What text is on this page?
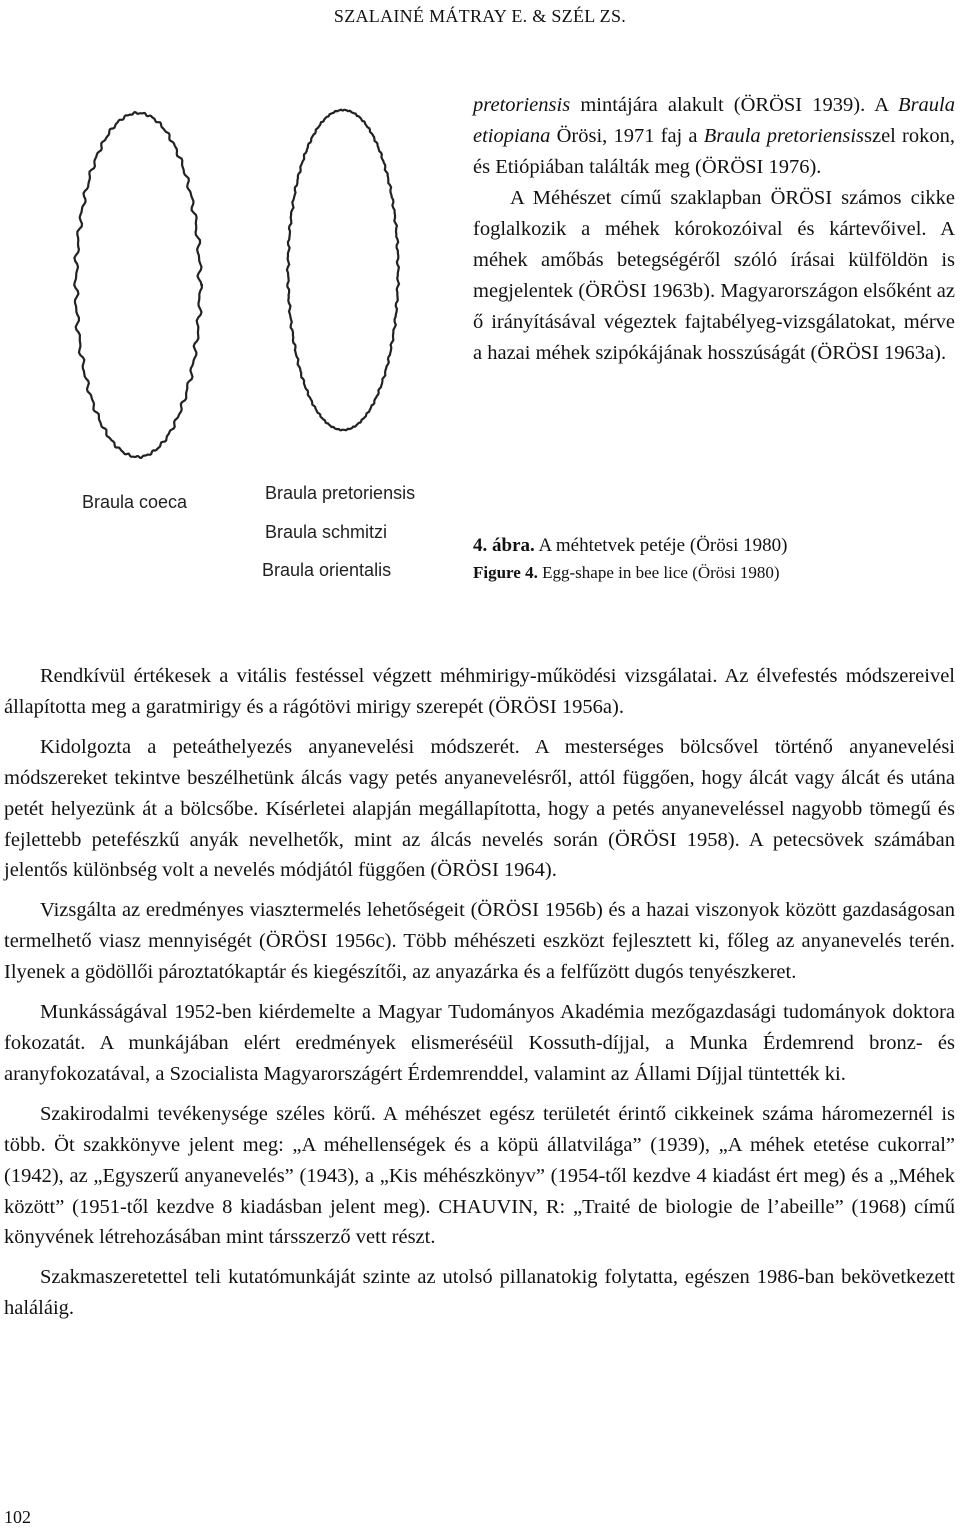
SZALAINÉ MÁTRAY E. & SZÉL ZS.
Braula coeca	Braula pretoriensis
Braula schmitzi
Braula orientalis

pretoriensis mintájára alakult (ÖRÖSI 1939). A Braula etiopiana Örösi, 1971 faj a Braula pretoriensisszel rokon, és Etiópiában találták meg (ÖRÖSI 1976).

A Méhészet című szaklapban ÖRÖSI számos cikke foglalkozik a méhek kórokozóival és kártevőivel. A méhek amőbás betegségéről szóló írásai külföldön is megjelentek (ÖRÖSI 1963b). Magyarországon elsőként az ő irányításával végeztek fajtabélyeg-vizsgálatokat, mérve a hazai méhek szipókájának hosszúságát (ÖRÖSI 1963a).

4. ábra. A méhtetvek petéje (Örösi 1980)
Figure 4. Egg-shape in bee lice (Örösi 1980)

Rendkívül értékesek a vitális festéssel végzett méhmirigy-működési vizsgálatai. Az élvefestés módszereivel állapította meg a garatmirigy és a rágótövi mirigy szerepét (ÖRÖSI 1956a).

Kidolgozta a peteáthelyezés anyanevelési módszerét. A mesterséges bölcsővel történő anyanevelési módszereket tekintve beszélhetünk álcás vagy petés anyanevelésről, attól függően, hogy álcát vagy álcát és utána petét helyezünk át a bölcsőbe. Kísérletei alapján megállapította, hogy a petés anyaneveléssel nagyobb tömegű és fejlettebb petefészkű anyák nevelhetők, mint az álcás nevelés során (ÖRÖSI 1958). A petecsövek számában jelentős különbség volt a nevelés módjától függően (ÖRÖSI 1964).

Vizsgálta az eredményes viasztermelés lehetőségeit (ÖRÖSI 1956b) és a hazai viszonyok között gazdaságosan termelhető viasz mennyiségét (ÖRÖSI 1956c). Több méhészeti eszközt fejlesztett ki, főleg az anyanevelés terén. Ilyenek a gödöllői pároztatókaptár és kiegészítői, az anyazárka és a felfűzött dugós tenyészkeret.

Munkásságával 1952-ben kiérdemelte a Magyar Tudományos Akadémia mezőgazdasági tudományok doktora fokozatát. A munkájában elért eredmények elismeréséül Kossuth-díjjal, a Munka Érdemrend bronz- és aranyfokozatával, a Szocialista Magyarországért Érdemrenddel, valamint az Állami Díjjal tüntették ki.

Szakirodalmi tevékenysége széles körű. A méhészet egész területét érintő cikkeinek száma háromezernél is több. Öt szakkönyve jelent meg: „A méhellenségek és a köpü állatvilága” (1939), „A méhek etetése cukorral” (1942), az „Egyszerű anyanevelés” (1943), a „Kis méhészkönyv” (1954-től kezdve 4 kiadást ért meg) és a „Méhek között” (1951-től kezdve 8 kiadásban jelent meg). CHAUVIN, R: „Traité de biologie de l’abeille” (1968) című könyvének létrehozásában mint társszerző vett részt.

Szakmaszeretettel teli kutatómunkáját szinte az utolsó pillanatokig folytatta, egészen 1986-ban bekövetkezett haláláig.

102
